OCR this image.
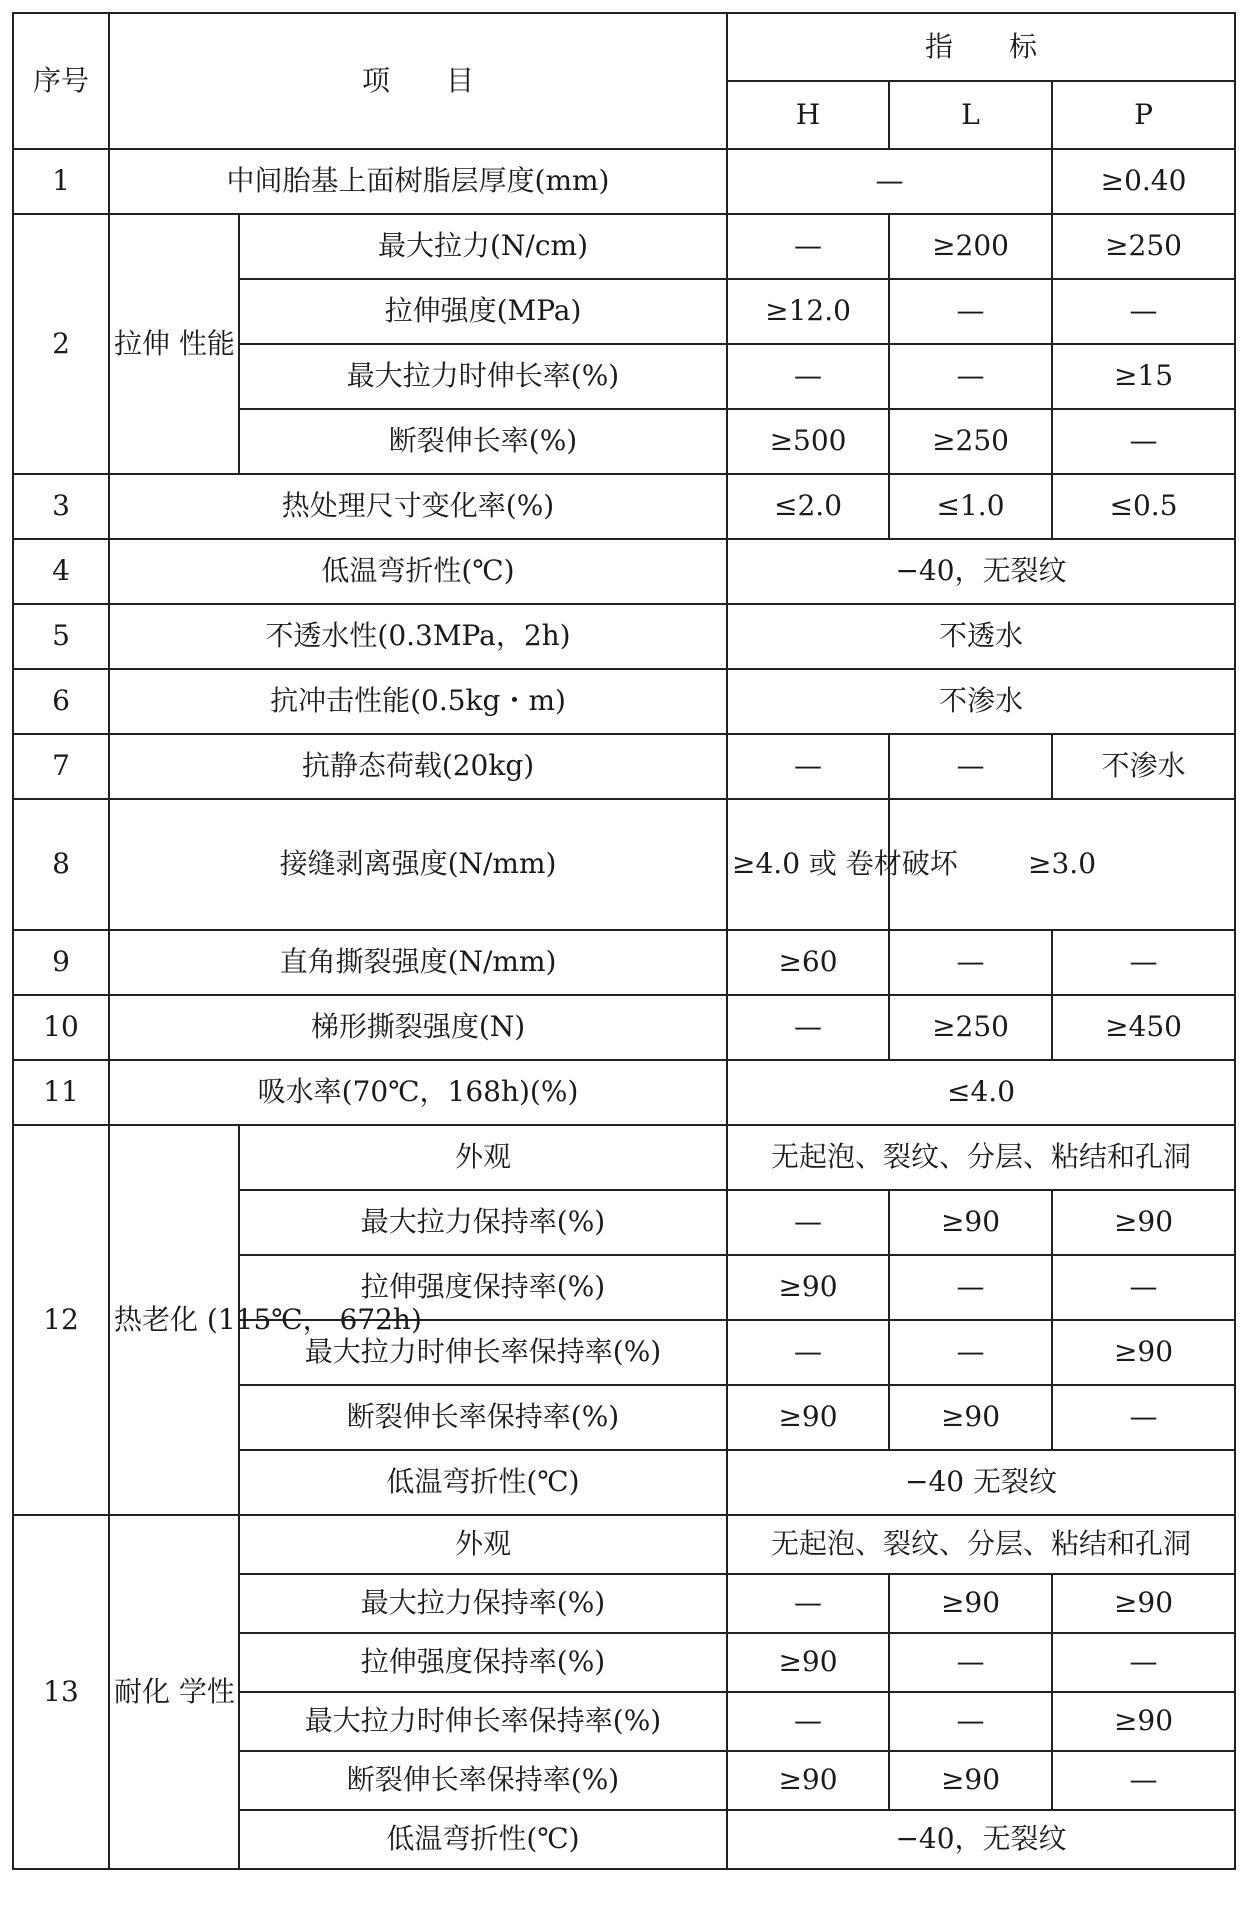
序号	项　　目		指　　标		
			H	L	P
1	中间胎基上面树脂层厚度(mm)		—		≥0.40
2	拉伸 性能	最大拉力(N/cm)	—	≥200	≥250
		拉伸强度(MPa)	≥12.0	—	—
		最大拉力时伸长率(%)	—	—	≥15
		断裂伸长率(%)	≥500	≥250	—
3	热处理尺寸变化率(%)		≤2.0	≤1.0	≤0.5
4	低温弯折性(℃)		−40，无裂纹		
5	不透水性(0.3MPa，2h)		不透水		
6	抗冲击性能(0.5kg・m)		不渗水		
7	抗静态荷载(20kg)		—	—	不渗水
8	接缝剥离强度(N/mm)		≥4.0 或 卷材破坏	≥3.0	
9	直角撕裂强度(N/mm)		≥60	—	—
10	梯形撕裂强度(N)		—	≥250	≥450
11	吸水率(70℃，168h)(%)		≤4.0		
12	热老化 (115℃， 672h)	外观	无起泡、裂纹、分层、粘结和孔洞		
		最大拉力保持率(%)	—	≥90	≥90
		拉伸强度保持率(%)	≥90	—	—
		最大拉力时伸长率保持率(%)	—	—	≥90
		断裂伸长率保持率(%)	≥90	≥90	—
		低温弯折性(℃)	−40 无裂纹		
13	耐化 学性	外观	无起泡、裂纹、分层、粘结和孔洞		
		最大拉力保持率(%)	—	≥90	≥90
		拉伸强度保持率(%)	≥90	—	—
		最大拉力时伸长率保持率(%)	—	—	≥90
		断裂伸长率保持率(%)	≥90	≥90	—
		低温弯折性(℃)	−40，无裂纹		
